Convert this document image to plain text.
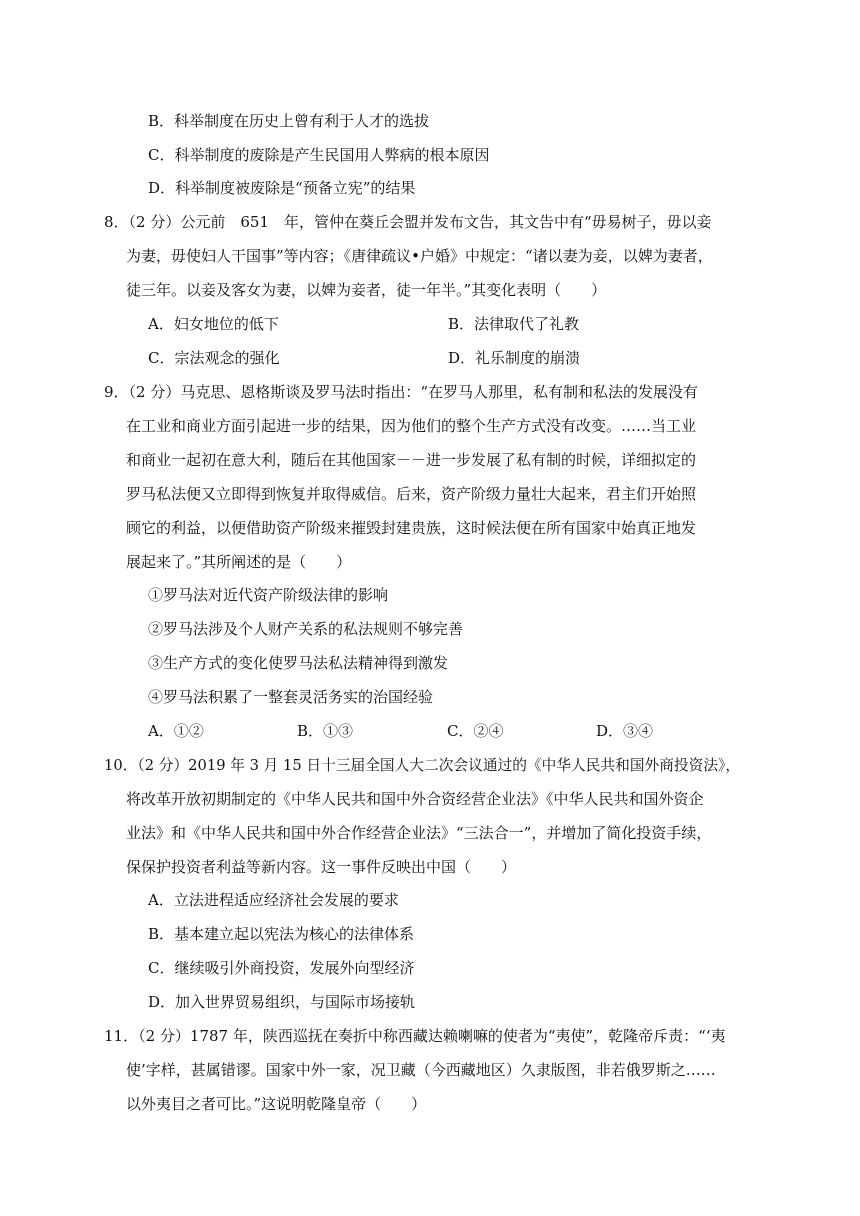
B．科举制度在历史上曾有利于人才的选拔
C．科举制度的废除是产生民国用人弊病的根本原因
D．科举制度被废除是“预备立宪”的结果
8．（2 分）公元前　651　年，管仲在葵丘会盟并发布文告，其文告中有“毋易树子，毋以妾
为妻，毋使妇人干国事”等内容；《唐律疏议•户婚》中规定：“诸以妻为妾，以婢为妻者，
徒三年。以妾及客女为妻，以婢为妾者，徒一年半。”其变化表明（　　）
A．妇女地位的低下	B．法律取代了礼教
C．宗法观念的强化	D．礼乐制度的崩溃
9．（2 分）马克思、恩格斯谈及罗马法时指出：“在罗马人那里，私有制和私法的发展没有
在工业和商业方面引起进一步的结果，因为他们的整个生产方式没有改变。……当工业
和商业一起初在意大利，随后在其他国家－－进一步发展了私有制的时候，详细拟定的
罗马私法便又立即得到恢复并取得威信。后来，资产阶级力量壮大起来，君主们开始照
顾它的利益，以便借助资产阶级来摧毁封建贵族，这时候法便在所有国家中始真正地发
展起来了。”其所阐述的是（　　）
①罗马法对近代资产阶级法律的影响
②罗马法涉及个人财产关系的私法规则不够完善
③生产方式的变化使罗马法私法精神得到激发
④罗马法积累了一整套灵活务实的治国经验
A．①②	B．①③	C．②④	D．③④
10．（2 分）2019 年 3 月 15 日十三届全国人大二次会议通过的《中华人民共和国外商投资法》，
将改革开放初期制定的《中华人民共和国中外合资经营企业法》《中华人民共和国外资企
业法》和《中华人民共和国中外合作经营企业法》“三法合一”，并增加了简化投资手续，
保保护投资者利益等新内容。这一事件反映出中国（　　）
A．立法进程适应经济社会发展的要求
B．基本建立起以宪法为核心的法律体系
C．继续吸引外商投资，发展外向型经济
D．加入世界贸易组织，与国际市场接轨
11．（2 分）1787 年，陕西巡抚在奏折中称西藏达赖喇嘛的使者为“夷使”，乾隆帝斥责：“‘夷
使’字样，甚属错谬。国家中外一家，况卫藏（今西藏地区）久隶版图，非若俄罗斯之……
以外夷目之者可比。”这说明乾隆皇帝（　　）
